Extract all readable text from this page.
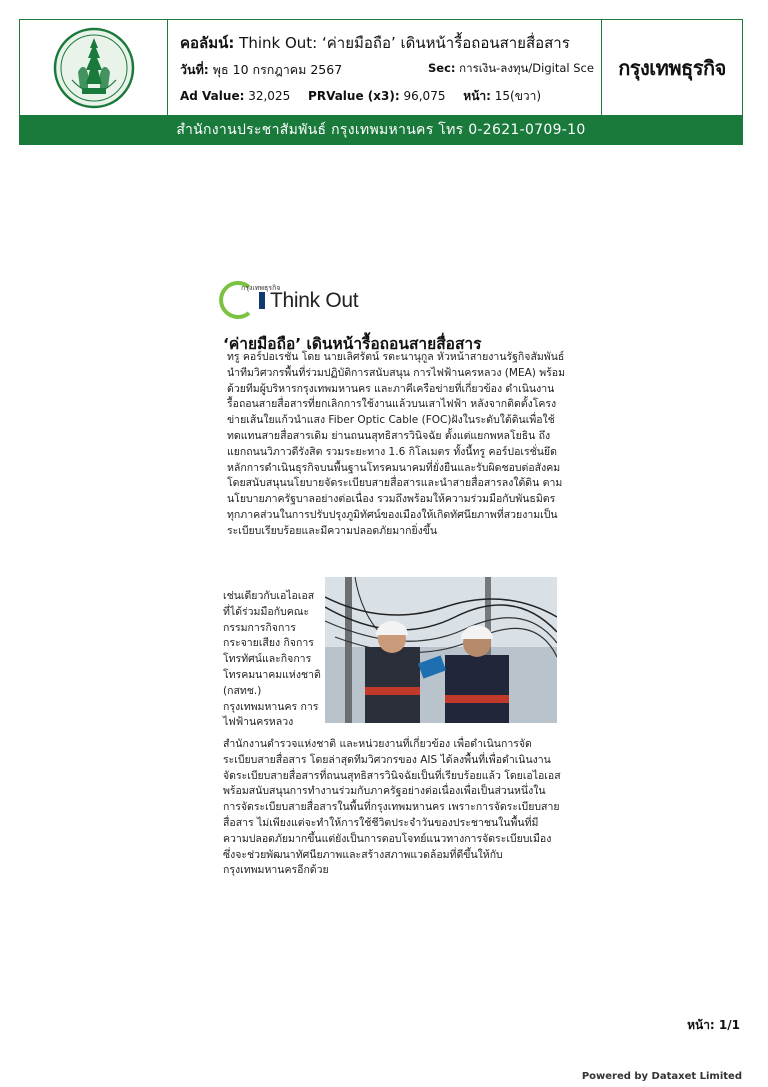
คอลัมน์: Think Out: ‘ค่ายมือถือ’ เดินหน้ารื้อถอนสายสื่อสาร
วันที่: พุธ 10 กรกฎาคม 2567	Sec: การเงิน-ลงทุน/Digital Sce
Ad Value: 32,025 PRValue (x3): 96,075 หน้า: 15(ขวา)
กรุงเทพธุรกิจ
สำนักงานประชาสัมพันธ์ กรุงเทพมหานคร โทร 0-2621-0709-10
กรุงเทพธุรกิจ
Think Out
‘ค่ายมือถือ’ เดินหน้ารื้อถอนสายสื่อสาร
ทรู คอร์ปอเรชั่น โดย นายเลิศรัตน์ รตะนานุกูล หัวหน้าสายงานรัฐกิจสัมพันธ์ นำทีมวิศวกรพื้นที่ร่วมปฏิบัติการสนับสนุน การไฟฟ้านครหลวง (MEA) พร้อมด้วยทีมผู้บริหารกรุงเทพมหานคร และภาคีเครือข่ายที่เกี่ยวข้อง ดำเนินงานรื้อถอนสายสื่อสารที่ยกเลิกการใช้งานแล้วบนเสาไฟฟ้า หลังจากติดตั้งโครงข่ายเส้นใยแก้วนำแสง Fiber Optic Cable (FOC)ฝังในระดับใต้ดินเพื่อใช้ทดแทนสายสื่อสารเดิม ย่านถนนสุทธิสารวินิจฉัย ตั้งแต่แยกพหลโยธิน ถึง แยกถนนวิภาวดีรังสิต รวมระยะทาง 1.6 กิโลเมตร ทั้งนี้ทรู คอร์ปอเรชั่นยึดหลักการดำเนินธุรกิจบนพื้นฐานโทรคมนาคมที่ยั่งยืนและรับผิดชอบต่อสังคม โดยสนับสนุนนโยบายจัดระเบียบสายสื่อสารและนำสายสื่อสารลงใต้ดิน ตามนโยบายภาครัฐบาลอย่างต่อเนื่อง รวมถึงพร้อมให้ความร่วมมือกับพันธมิตรทุกภาคส่วนในการปรับปรุงภูมิทัศน์ของเมืองให้เกิดทัศนียภาพที่สวยงามเป็นระเบียบเรียบร้อยและมีความปลอดภัยมากยิ่งขึ้น
เช่นเดียวกับเอไอเอสที่ได้ร่วมมือกับคณะกรรมการกิจการกระจายเสียง กิจการโทรทัศน์และกิจการโทรคมนาคมแห่งชาติ (กสทช.) กรุงเทพมหานคร การไฟฟ้านครหลวง
สำนักงานตำรวจแห่งชาติ และหน่วยงานที่เกี่ยวข้อง เพื่อดำเนินการจัดระเบียบสายสื่อสาร โดยล่าสุดทีมวิศวกรของ AIS ได้ลงพื้นที่เพื่อดำเนินงานจัดระเบียบสายสื่อสารที่ถนนสุทธิสารวินิจฉัยเป็นที่เรียบร้อยแล้ว โดยเอไอเอสพร้อมสนับสนุนการทำงานร่วมกับภาครัฐอย่างต่อเนื่องเพื่อเป็นส่วนหนึ่งในการจัดระเบียบสายสื่อสารในพื้นที่กรุงเทพมหานคร เพราะการจัดระเบียบสายสื่อสาร ไม่เพียงแต่จะทำให้การใช้ชีวิตประจำวันของประชาชนในพื้นที่มีความปลอดภัยมากขึ้นแต่ยังเป็นการตอบโจทย์แนวทางการจัดระเบียบเมือง ซึ่งจะช่วยพัฒนาทัศนียภาพและสร้างสภาพแวดล้อมที่ดีขึ้นให้กับกรุงเทพมหานครอีกด้วย
หน้า: 1/1
Powered by Dataxet Limited
